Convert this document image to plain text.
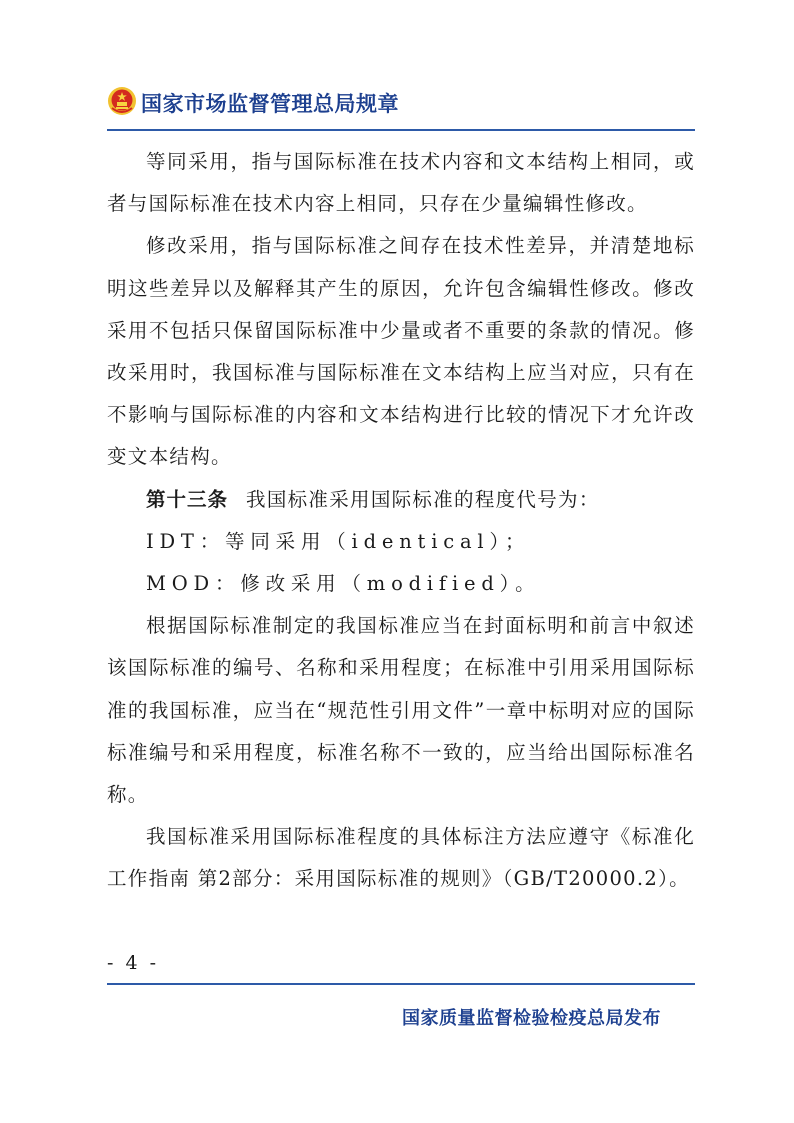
国家市场监督管理总局规章

等同采用，指与国际标准在技术内容和文本结构上相同，或者与国际标准在技术内容上相同，只存在少量编辑性修改。

修改采用，指与国际标准之间存在技术性差异，并清楚地标明这些差异以及解释其产生的原因，允许包含编辑性修改。修改采用不包括只保留国际标准中少量或者不重要的条款的情况。修改采用时，我国标准与国际标准在文本结构上应当对应，只有在不影响与国际标准的内容和文本结构进行比较的情况下才允许改变文本结构。

第十三条 我国标准采用国际标准的程度代号为：

IDT：等同采用（identical）；

MOD：修改采用（modified）。

根据国际标准制定的我国标准应当在封面标明和前言中叙述该国际标准的编号、名称和采用程度；在标准中引用采用国际标准的我国标准，应当在“规范性引用文件”一章中标明对应的国际标准编号和采用程度，标准名称不一致的，应当给出国际标准名称。

我国标准采用国际标准程度的具体标注方法应遵守《标准化工作指南 第2部分：采用国际标准的规则》（GB/T20000.2）。

- 4 -
国家质量监督检验检疫总局发布
